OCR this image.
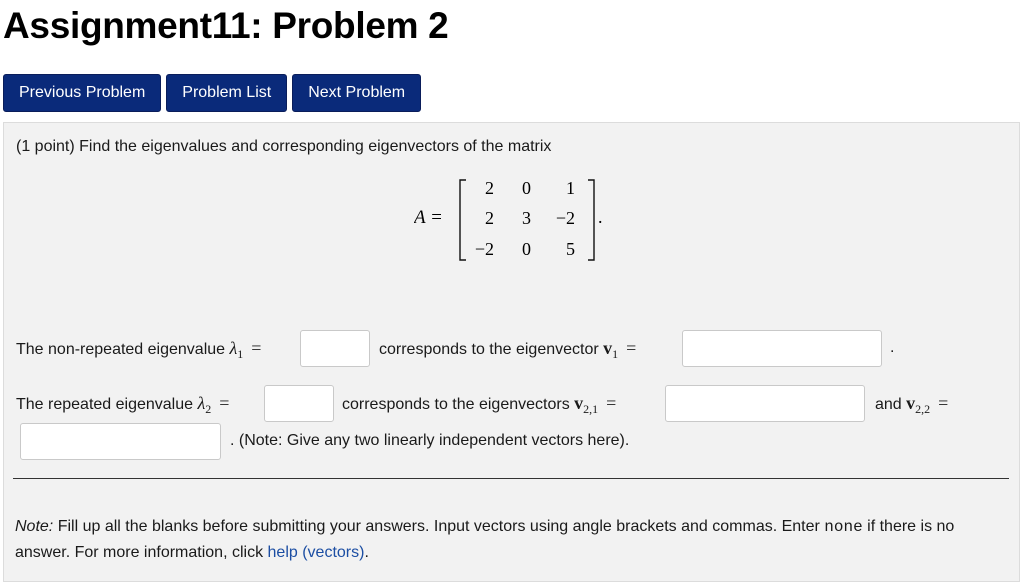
Assignment11: Problem 2
Previous Problem	Problem List	Next Problem
(1 point) Find the eigenvalues and corresponding eigenvectors of the matrix
A =
2 0 1
2 3 −2
−2 0 5
.
The non-repeated eigenvalue $\lambda_1$ =	corresponds to the eigenvector $v_1$ =	.
The repeated eigenvalue $\lambda_2$ =	corresponds to the eigenvectors $v_{2,1}$ =	and $v_{2,2}$ =
. (Note: Give any two linearly independent vectors here).
Note: Fill up all the blanks before submitting your answers. Input vectors using angle brackets and commas. Enter none if there is no answer. For more information, click help (vectors).
